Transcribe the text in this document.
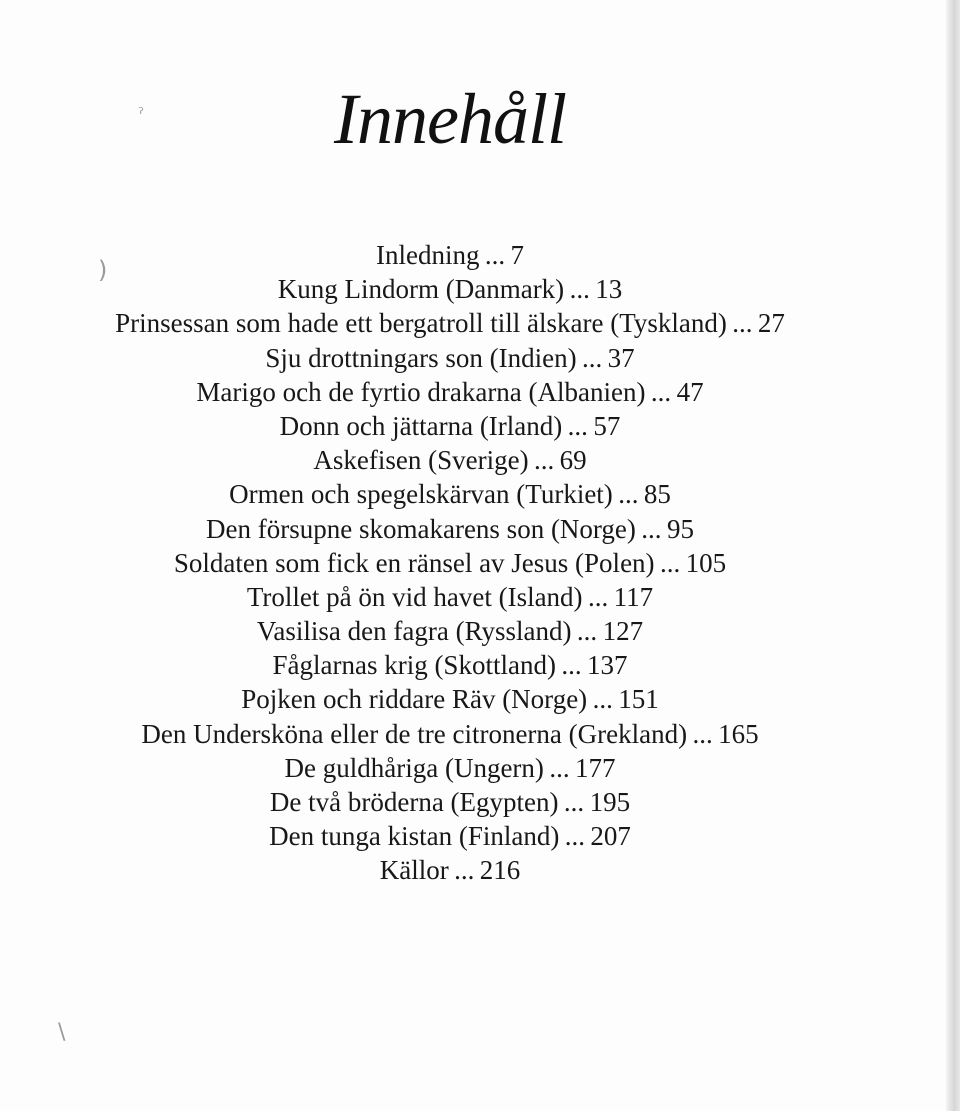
ˀ
)
\
Innehåll
Inledning ... 7
Kung Lindorm (Danmark) ... 13
Prinsessan som hade ett bergatroll till älskare (Tyskland) ... 27
Sju drottningars son (Indien) ... 37
Marigo och de fyrtio drakarna (Albanien) ... 47
Donn och jättarna (Irland) ... 57
Askefisen (Sverige) ... 69
Ormen och spegelskärvan (Turkiet) ... 85
Den försupne skomakarens son (Norge) ... 95
Soldaten som fick en ränsel av Jesus (Polen) ... 105
Trollet på ön vid havet (Island) ... 117
Vasilisa den fagra (Ryssland) ... 127
Fåglarnas krig (Skottland) ... 137
Pojken och riddare Räv (Norge) ... 151
Den Undersköna eller de tre citronerna (Grekland) ... 165
De guldhåriga (Ungern) ... 177
De två bröderna (Egypten) ... 195
Den tunga kistan (Finland) ... 207
Källor ... 216
